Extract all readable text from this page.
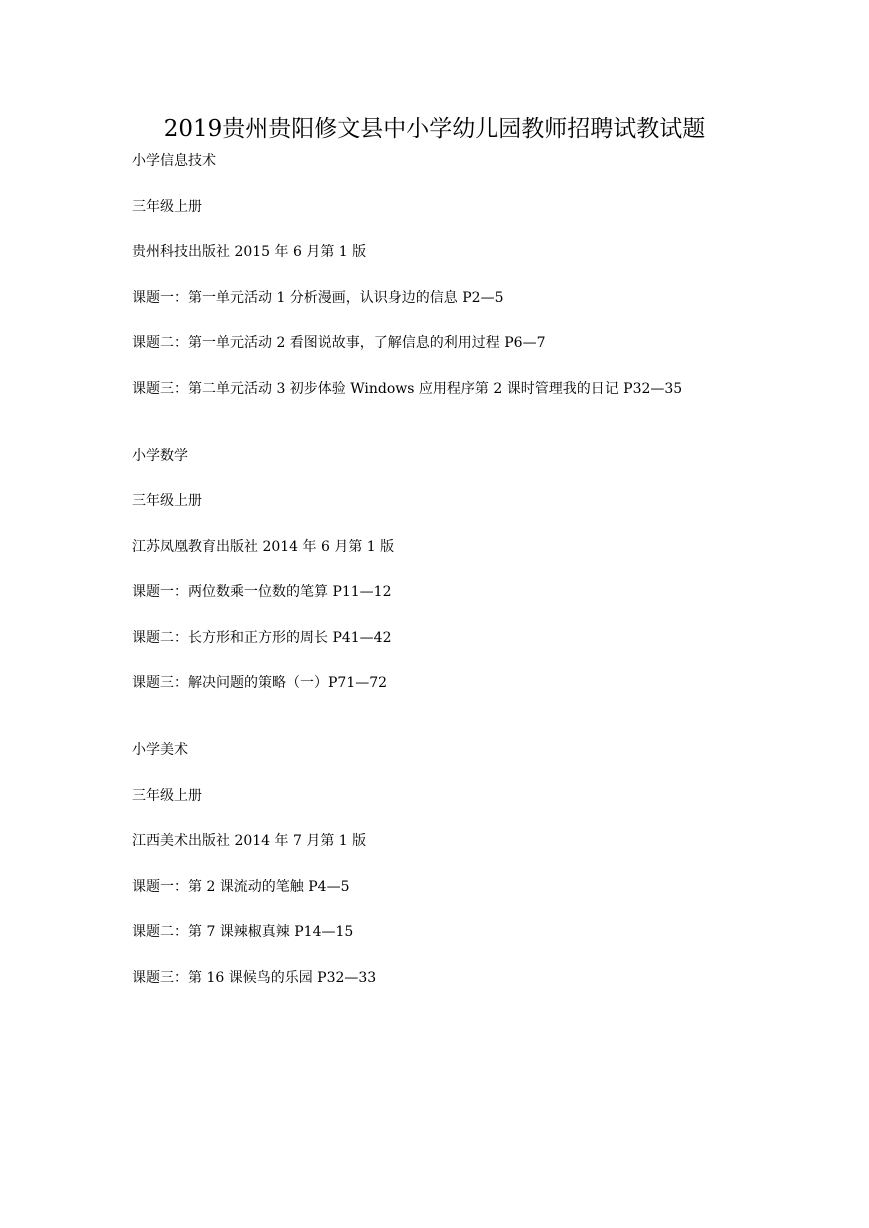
2019贵州贵阳修文县中小学幼儿园教师招聘试教试题

小学信息技术

三年级上册

贵州科技出版社 2015 年 6 月第 1 版

课题一：第一单元活动 1 分析漫画，认识身边的信息 P2—5

课题二：第一单元活动 2 看图说故事，了解信息的利用过程 P6—7

课题三：第二单元活动 3 初步体验 Windows 应用程序第 2 课时管理我的日记 P32—35

小学数学

三年级上册

江苏凤凰教育出版社 2014 年 6 月第 1 版

课题一：两位数乘一位数的笔算 P11—12

课题二：长方形和正方形的周长 P41—42

课题三：解决问题的策略（一）P71—72

小学美术

三年级上册

江西美术出版社 2014 年 7 月第 1 版

课题一：第 2 课流动的笔触 P4—5

课题二：第 7 课辣椒真辣 P14—15

课题三：第 16 课候鸟的乐园 P32—33
